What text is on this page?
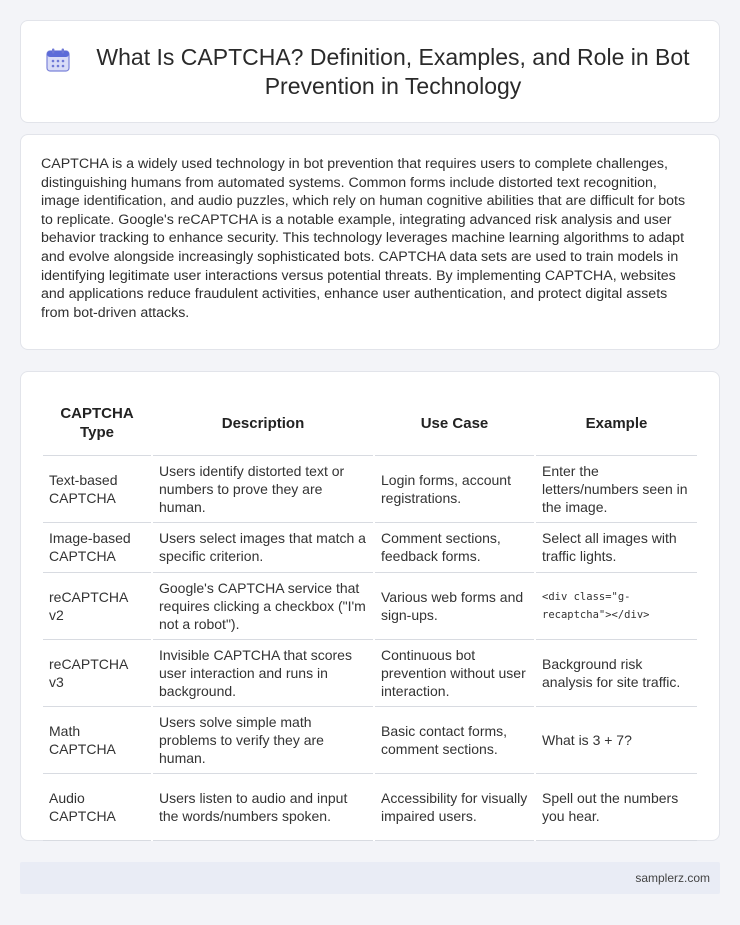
What Is CAPTCHA? Definition, Examples, and Role in Bot Prevention in Technology

CAPTCHA is a widely used technology in bot prevention that requires users to complete challenges, distinguishing humans from automated systems. Common forms include distorted text recognition, image identification, and audio puzzles, which rely on human cognitive abilities that are difficult for bots to replicate. Google's reCAPTCHA is a notable example, integrating advanced risk analysis and user behavior tracking to enhance security. This technology leverages machine learning algorithms to adapt and evolve alongside increasingly sophisticated bots. CAPTCHA data sets are used to train models in identifying legitimate user interactions versus potential threats. By implementing CAPTCHA, websites and applications reduce fraudulent activities, enhance user authentication, and protect digital assets from bot-driven attacks.

CAPTCHA Type	Description	Use Case	Example
Text-based CAPTCHA	Users identify distorted text or numbers to prove they are human.	Login forms, account registrations.	Enter the letters/numbers seen in the image.
Image-based CAPTCHA	Users select images that match a specific criterion.	Comment sections, feedback forms.	Select all images with traffic lights.
reCAPTCHA v2	Google's CAPTCHA service that requires clicking a checkbox ("I'm not a robot").	Various web forms and sign-ups.	<div class="g-recaptcha"></div>
reCAPTCHA v3	Invisible CAPTCHA that scores user interaction and runs in background.	Continuous bot prevention without user interaction.	Background risk analysis for site traffic.
Math CAPTCHA	Users solve simple math problems to verify they are human.	Basic contact forms, comment sections.	What is 3 + 7?
Audio CAPTCHA	Users listen to audio and input the words/numbers spoken.	Accessibility for visually impaired users.	Spell out the numbers you hear.
samplerz.com
